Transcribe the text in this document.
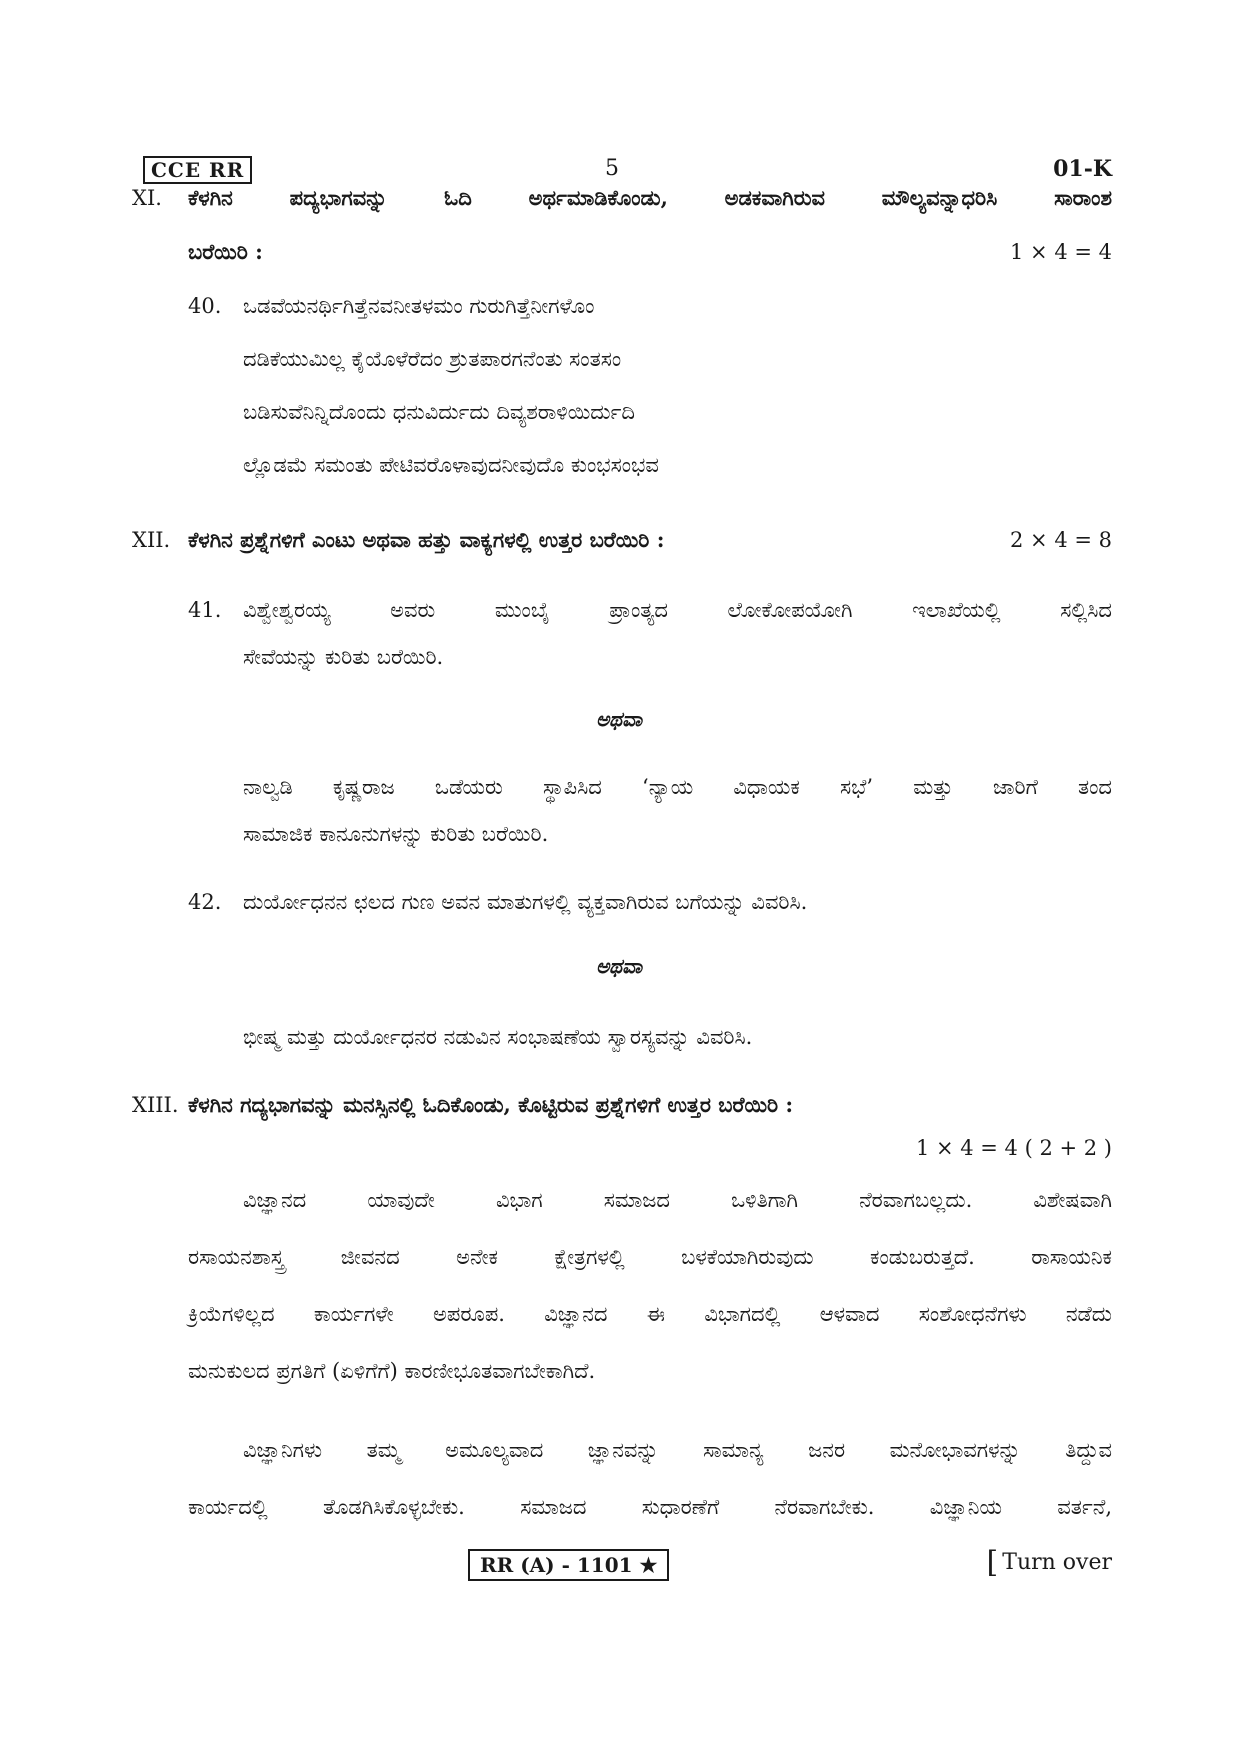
CCE RR	5	01-K
XI. ಕೆಳಗಿನ ಪದ್ಯಭಾಗವನ್ನು ಓದಿ ಅರ್ಥಮಾಡಿಕೊಂಡು, ಅಡಕವಾಗಿರುವ ಮೌಲ್ಯವನ್ನಾಧರಿಸಿ ಸಾರಾಂಶ
ಬರೆಯಿರಿ :	1 × 4 = 4
40. ಒಡವೆಯನರ್ಥಿಗಿತ್ತೆನವನೀತಳಮಂ ಗುರುಗಿತ್ತೆನೀಗಳೊಂ
ದಡಿಕೆಯುಮಿಲ್ಲ ಕೈಯೊಳೆರೆದಂ ಶ್ರುತಪಾರಗನೆಂತು ಸಂತಸಂ
ಬಡಿಸುವೆನಿನ್ನಿದೊಂದು ಧನುವಿರ್ದುದು ದಿವ್ಯಶರಾಳಿಯಿರ್ದುದಿ
ಲ್ಲೊಡಮೆ ಸಮಂತು ಪೇಟಿವರೊಳಾವುದನೀವುದೊ ಕುಂಭಸಂಭವ
XII. ಕೆಳಗಿನ ಪ್ರಶ್ನೆಗಳಿಗೆ ಎಂಟು ಅಥವಾ ಹತ್ತು ವಾಕ್ಯಗಳಲ್ಲಿ ಉತ್ತರ ಬರೆಯಿರಿ :	2 × 4 = 8
41. ವಿಶ್ವೇಶ್ವರಯ್ಯ ಅವರು ಮುಂಬೈ ಪ್ರಾಂತ್ಯದ ಲೋಕೋಪಯೋಗಿ ಇಲಾಖೆಯಲ್ಲಿ ಸಲ್ಲಿಸಿದ
ಸೇವೆಯನ್ನು ಕುರಿತು ಬರೆಯಿರಿ.
ಅಥವಾ
ನಾಲ್ವಡಿ ಕೃಷ್ಣರಾಜ ಒಡೆಯರು ಸ್ಥಾಪಿಸಿದ ‘ನ್ಯಾಯ ವಿಧಾಯಕ ಸಭೆ’ ಮತ್ತು ಜಾರಿಗೆ ತಂದ
ಸಾಮಾಜಿಕ ಕಾನೂನುಗಳನ್ನು ಕುರಿತು ಬರೆಯಿರಿ.
42. ದುರ್ಯೋಧನನ ಛಲದ ಗುಣ ಅವನ ಮಾತುಗಳಲ್ಲಿ ವ್ಯಕ್ತವಾಗಿರುವ ಬಗೆಯನ್ನು ವಿವರಿಸಿ.
ಅಥವಾ
ಭೀಷ್ಮ ಮತ್ತು ದುರ್ಯೋಧನರ ನಡುವಿನ ಸಂಭಾಷಣೆಯ ಸ್ವಾರಸ್ಯವನ್ನು ವಿವರಿಸಿ.
XIII. ಕೆಳಗಿನ ಗದ್ಯಭಾಗವನ್ನು ಮನಸ್ಸಿನಲ್ಲಿ ಓದಿಕೊಂಡು, ಕೊಟ್ಟಿರುವ ಪ್ರಶ್ನೆಗಳಿಗೆ ಉತ್ತರ ಬರೆಯಿರಿ :
1 × 4 = 4 ( 2 + 2 )
ವಿಜ್ಞಾನದ ಯಾವುದೇ ವಿಭಾಗ ಸಮಾಜದ ಒಳಿತಿಗಾಗಿ ನೆರವಾಗಬಲ್ಲದು. ವಿಶೇಷವಾಗಿ
ರಸಾಯನಶಾಸ್ತ್ರ ಜೀವನದ ಅನೇಕ ಕ್ಷೇತ್ರಗಳಲ್ಲಿ ಬಳಕೆಯಾಗಿರುವುದು ಕಂಡುಬರುತ್ತದೆ. ರಾಸಾಯನಿಕ
ಕ್ರಿಯೆಗಳಿಲ್ಲದ ಕಾರ್ಯಗಳೇ ಅಪರೂಪ. ವಿಜ್ಞಾನದ ಈ ವಿಭಾಗದಲ್ಲಿ ಆಳವಾದ ಸಂಶೋಧನೆಗಳು ನಡೆದು
ಮನುಕುಲದ ಪ್ರಗತಿಗೆ (ಏಳಿಗೆಗೆ) ಕಾರಣೀಭೂತವಾಗಬೇಕಾಗಿದೆ.
ವಿಜ್ಞಾನಿಗಳು ತಮ್ಮ ಅಮೂಲ್ಯವಾದ ಜ್ಞಾನವನ್ನು ಸಾಮಾನ್ಯ ಜನರ ಮನೋಭಾವಗಳನ್ನು ತಿದ್ದುವ
ಕಾರ್ಯದಲ್ಲಿ ತೊಡಗಿಸಿಕೊಳ್ಳಬೇಕು. ಸಮಾಜದ ಸುಧಾರಣೆಗೆ ನೆರವಾಗಬೇಕು. ವಿಜ್ಞಾನಿಯ ವರ್ತನೆ,
RR (A) - 1101 ★	[ Turn over
